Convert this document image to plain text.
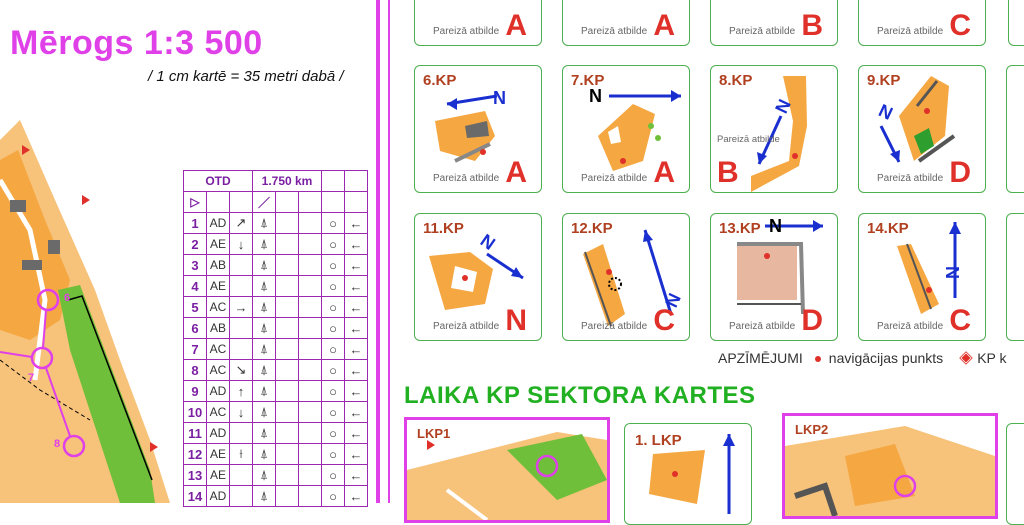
6
7
8
Mērogs 1:3 500
/ 1 cm kartē = 35 metri dabā /
OTD			1.750 km				
▷			／				
1	AD	↗	⍋			○	←
2	AE	↓	⍋			○	←
3	AB		⍋			○	←
4	AE		⍋			○	←
5	AC	→	⍋			○	←
6	AB		⍋			○	←
7	AC		⍋			○	←
8	AC	↘	⍋			○	←
9	AD	↑	⍋			○	←
10	AC	↓	⍋			○	←
11	AD		⍋			○	←
12	AE	⟊	⍋			○	←
13	AE		⍋			○	←
14	AD		⍋			○	←
Pareizā atbilde A	Pareizā atbilde A	Pareizā atbilde B	Pareizā atbilde C
6.KP
N
Pareizā atbilde A
7.KP
N
Pareizā atbilde A
8.KP
N
Pareizā atbilde
B
9.KP
N
Pareizā atbilde D
11.KP
N
Pareizā atbilde N
12.KP
N
Pareizā atbilde C
13.KP N
Pareizā atbilde D
14.KP
N
Pareizā atbilde C
APZĪMĒJUMI navigācijas punkts KP k
LAIKA KP SEKTORA KARTES
LKP1	1. LKP
LKP2
